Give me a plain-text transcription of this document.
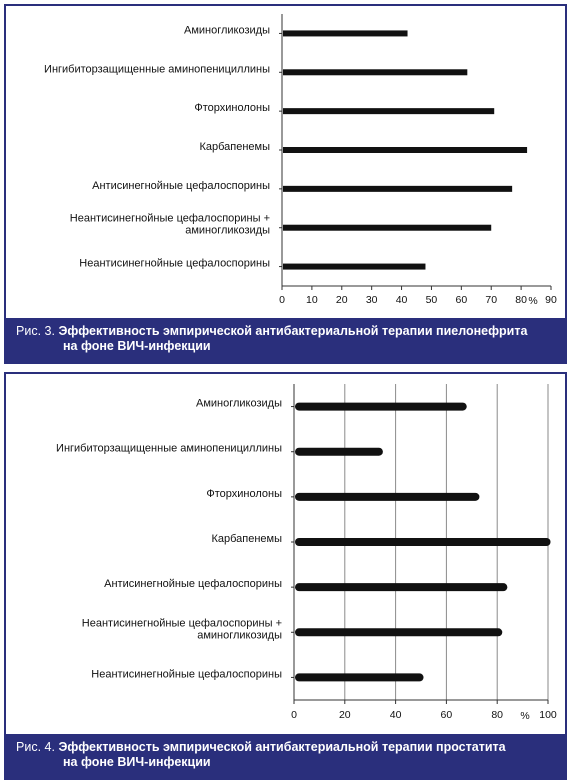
0 10 20 30 40 50 60 70 80 90
%
Аминогликозиды
Ингибиторзащищенные аминопенициллины
Фторхинолоны
Карбапенемы
Антисинегнойные цефалоспорины
Неантисинегнойные цефалоспорины +
аминогликозиды
Неантисинегнойные цефалоспорины
Рис. 3. Эффективность эмпирической антибактериальной терапии пиелонефрита
на фоне ВИЧ-инфекции
0	20	40	60	80	100
%
Аминогликозиды
Ингибиторзащищенные аминопенициллины
Фторхинолоны
Карбапенемы
Антисинегнойные цефалоспорины
Неантисинегнойные цефалоспорины +
аминогликозиды
Неантисинегнойные цефалоспорины
Рис. 4. Эффективность эмпирической антибактериальной терапии простатита
на фоне ВИЧ-инфекции
